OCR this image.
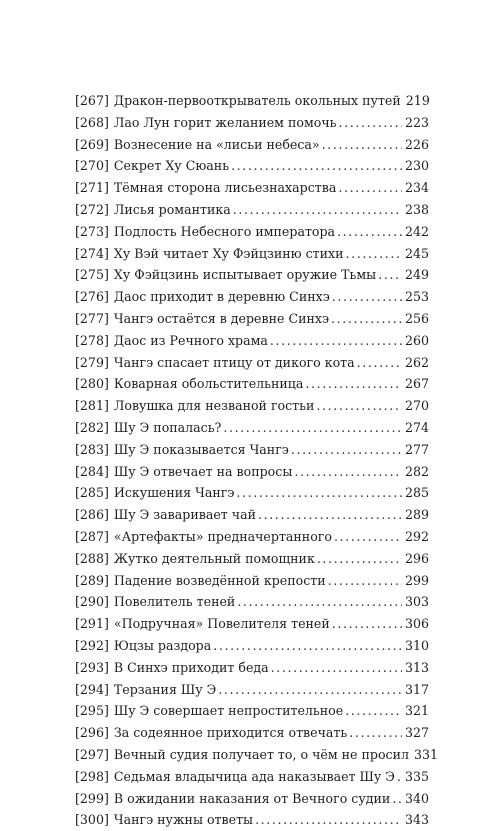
[267] Дракон-первооткрыватель окольных путей . . . 219
[268] Лао Лун горит желанием помочь . . .	223
[269] Вознесение на «лисьи небеса» . . .	226
[270] Секрет Ху Сюань . . .	230
[271] Тёмная сторона лисьезнахарства . . .	234
[272] Лисья романтика . . .	238
[273] Подлость Небесного императора . . .	242
[274] Ху Вэй читает Ху Фэйцзиню стихи . . .	245
[275] Ху Фэйцзинь испытывает оружие Тьмы . . . 249
[276] Даос приходит в деревню Синхэ . . .	253
[277] Чангэ остаётся в деревне Синхэ . . .	256
[278] Даос из Речного храма . . .	260
[279] Чангэ спасает птицу от дикого кота . . .	262
[280] Коварная обольстительница . . .	267
[281] Ловушка для незваной гостьи . . .	270
[282] Шу Э попалась? . . .	274
[283] Шу Э показывается Чангэ . . .	277
[284] Шу Э отвечает на вопросы . . .	282
[285] Искушения Чангэ . . .	285
[286] Шу Э заваривает чай . . .	289
[287] «Артефакты» предначертанного . . .	292
[288] Жутко деятельный помощник . . .	296
[289] Падение возведённой крепости . . .	299
[290] Повелитель теней . . .	303
[291] «Подручная» Повелителя теней . . .	306
[292] Юцзы раздора . . .	310
[293] В Синхэ приходит беда . . .	313
[294] Терзания Шу Э . . .	317
[295] Шу Э совершает непростительное . . .	321
[296] За содеянное приходится отвечать . . .	327
[297] Вечный судия получает то, о чём не просил . . . 331
[298] Седьмая владычица ада наказывает Шу Э . . . 335
[299] В ожидании наказания от Вечного судии . . . 340
[300] Чангэ нужны ответы . . .	343
